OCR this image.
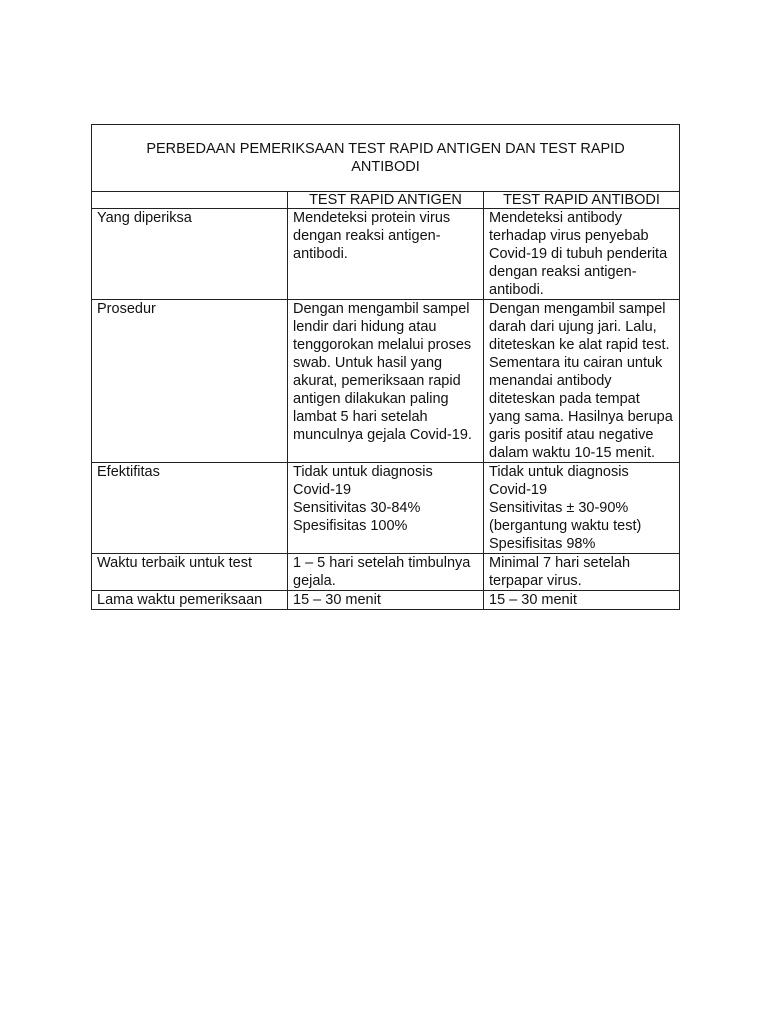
PERBEDAAN PEMERIKSAAN TEST RAPID ANTIGEN DAN TEST RAPID ANTIBODI		
	TEST RAPID ANTIGEN	TEST RAPID ANTIBODI

Yang diperiksa	Mendeteksi protein virus dengan reaksi antigen-antibodi.	Mendeteksi antibody terhadap virus penyebab Covid-19 di tubuh penderita dengan reaksi antigen-antibodi.

Prosedur	Dengan mengambil sampel lendir dari hidung atau tenggorokan melalui proses swab. Untuk hasil yang akurat, pemeriksaan rapid antigen dilakukan paling lambat 5 hari setelah munculnya gejala Covid-19.	Dengan mengambil sampel darah dari ujung jari. Lalu, diteteskan ke alat rapid test. Sementara itu cairan untuk menandai antibody diteteskan pada tempat yang sama. Hasilnya berupa garis positif atau negative dalam waktu 10-15 menit.

Efektifitas	Tidak untuk diagnosis
Covid-19
Sensitivitas 30-84%
Spesifisitas 100%	Tidak untuk diagnosis
Covid-19
Sensitivitas ± 30-90%
(bergantung waktu test)
Spesifisitas 98%

Waktu terbaik untuk test	1 – 5 hari setelah timbulnya gejala.	Minimal 7 hari setelah terpapar virus.

Lama waktu pemeriksaan	15 – 30 menit	15 – 30 menit
